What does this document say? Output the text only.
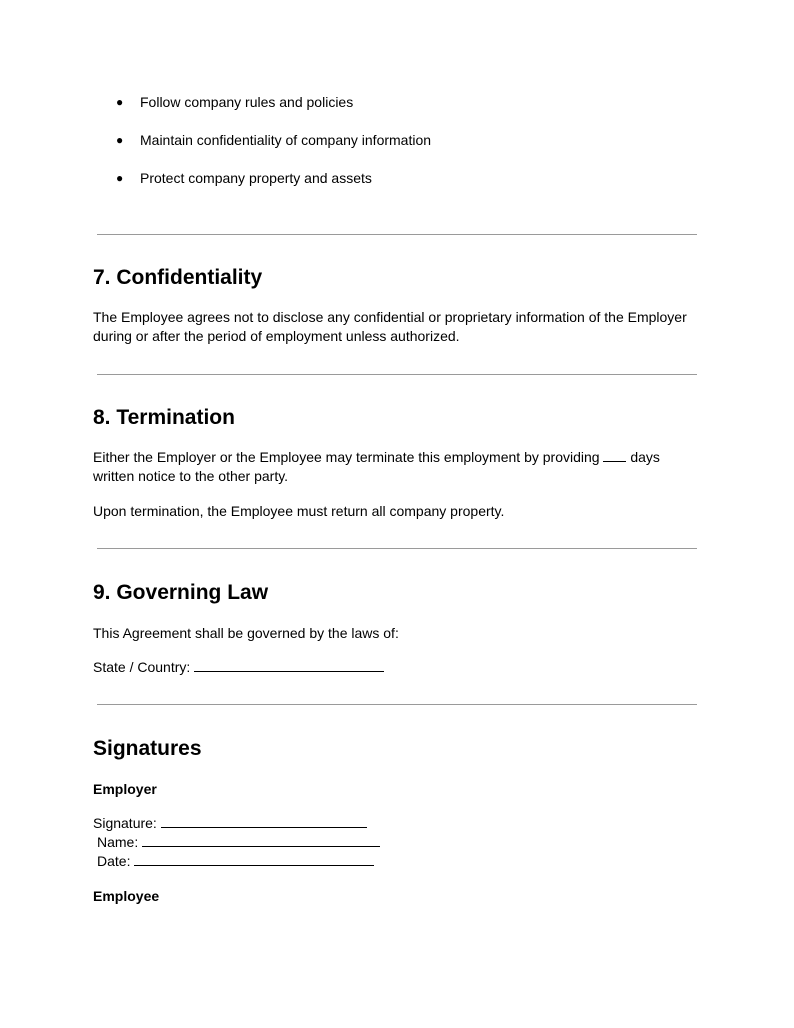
● Follow company rules and policies
● Maintain confidentiality of company information
● Protect company property and assets
7. Confidentiality
The Employee agrees not to disclose any confidential or proprietary information of the Employer
during or after the period of employment unless authorized.
8. Termination
Either the Employer or the Employee may terminate this employment by providing days
written notice to the other party.
Upon termination, the Employee must return all company property.
9. Governing Law
This Agreement shall be governed by the laws of:
State / Country:
Signatures
Employer
Signature:
Name:
Date:
Employee
